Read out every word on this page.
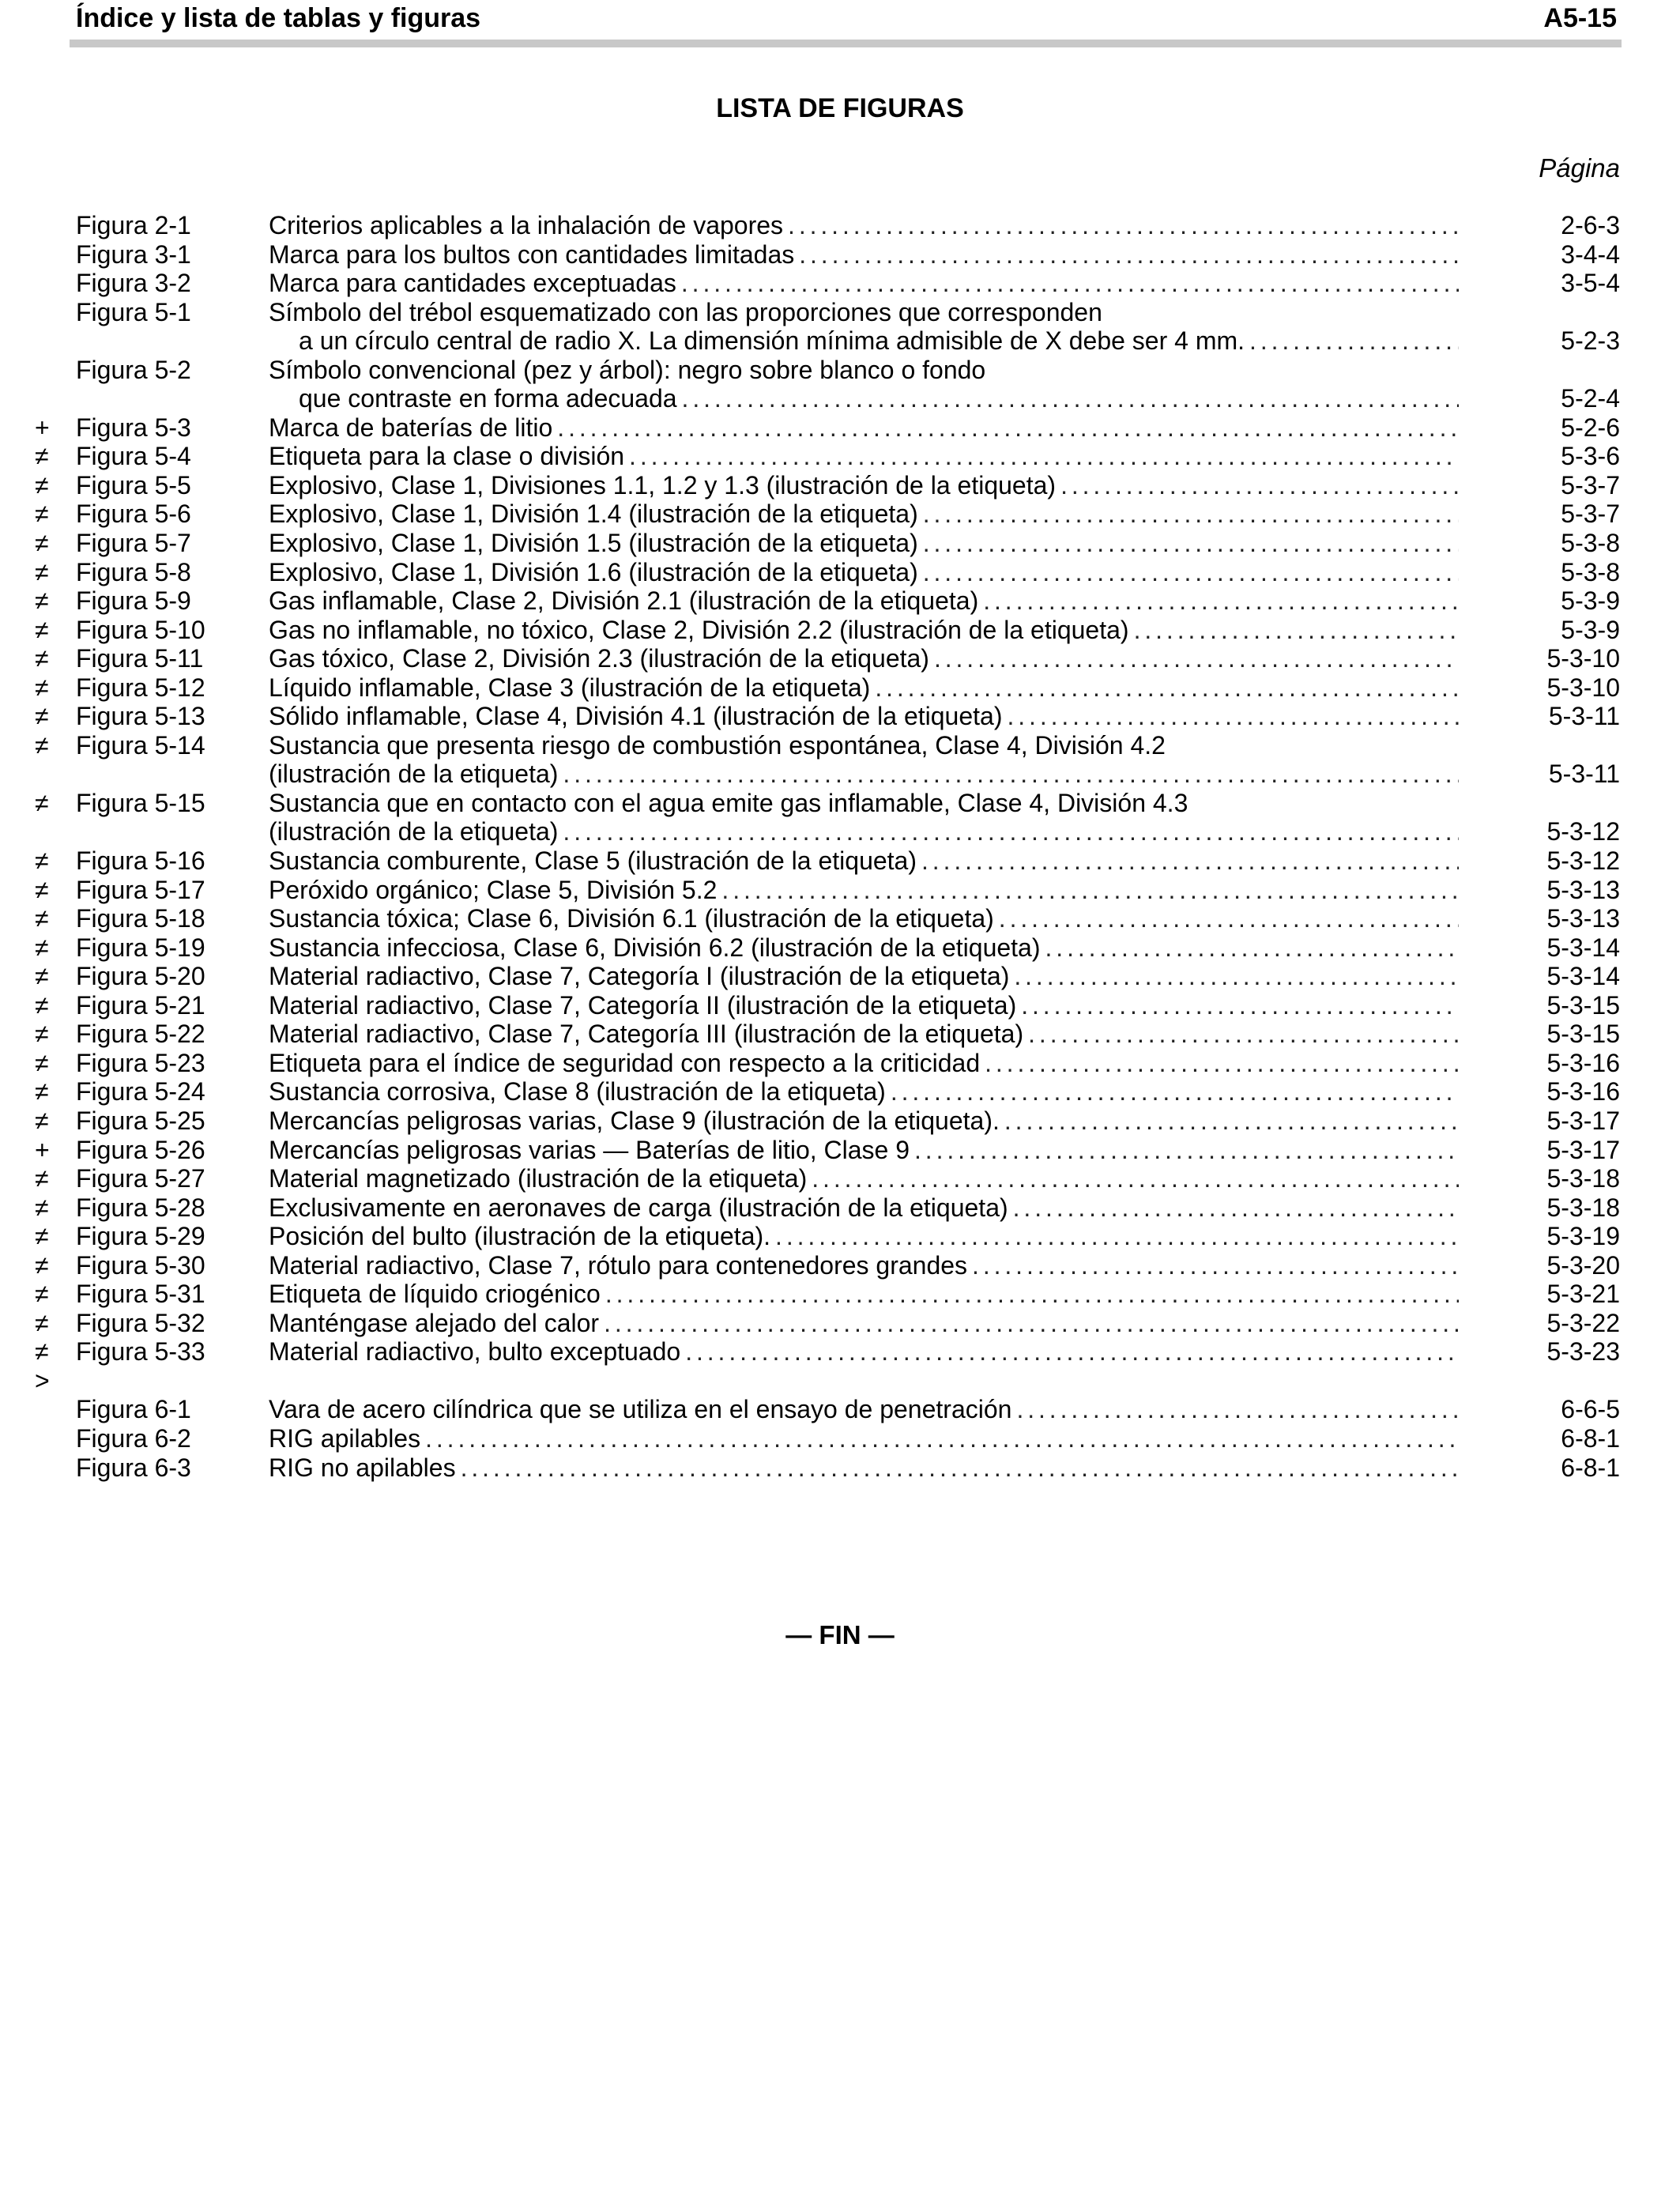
Índice y lista de tablas y figuras	A5-15
LISTA DE FIGURAS
Página
Figura 2-1	Criterios aplicables a la inhalación de vapores . . .	2-6-3
Figura 3-1	Marca para los bultos con cantidades limitadas . . .	3-4-4
Figura 3-2	Marca para cantidades exceptuadas . . .	3-5-4
Figura 5-1	Símbolo del trébol esquematizado con las proporciones que corresponden
a un círculo central de radio X. La dimensión mínima admisible de X debe ser 4 mm. . . .	5-2-3
Figura 5-2	Símbolo convencional (pez y árbol): negro sobre blanco o fondo
que contraste en forma adecuada . . .	5-2-4
+	Figura 5-3	Marca de baterías de litio . . .	5-2-6
≠	Figura 5-4	Etiqueta para la clase o división . . .	5-3-6
≠	Figura 5-5	Explosivo, Clase 1, Divisiones 1.1, 1.2 y 1.3 (ilustración de la etiqueta) . . .	5-3-7
≠	Figura 5-6	Explosivo, Clase 1, División 1.4 (ilustración de la etiqueta) . . .	5-3-7
≠	Figura 5-7	Explosivo, Clase 1, División 1.5 (ilustración de la etiqueta) . . .	5-3-8
≠	Figura 5-8	Explosivo, Clase 1, División 1.6 (ilustración de la etiqueta) . . .	5-3-8
≠	Figura 5-9	Gas inflamable, Clase 2, División 2.1 (ilustración de la etiqueta) . . .	5-3-9
≠	Figura 5-10	Gas no inflamable, no tóxico, Clase 2, División 2.2 (ilustración de la etiqueta) . . .	5-3-9
≠	Figura 5-11	Gas tóxico, Clase 2, División 2.3 (ilustración de la etiqueta) . . .	5-3-10
≠	Figura 5-12	Líquido inflamable, Clase 3 (ilustración de la etiqueta) . . .	5-3-10
≠	Figura 5-13	Sólido inflamable, Clase 4, División 4.1 (ilustración de la etiqueta) . . .	5-3-11
≠	Figura 5-14	Sustancia que presenta riesgo de combustión espontánea, Clase 4, División 4.2
(ilustración de la etiqueta) . . .	5-3-11
≠	Figura 5-15	Sustancia que en contacto con el agua emite gas inflamable, Clase 4, División 4.3
(ilustración de la etiqueta) . . .	5-3-12
≠	Figura 5-16	Sustancia comburente, Clase 5 (ilustración de la etiqueta) . . .	5-3-12
≠	Figura 5-17	Peróxido orgánico; Clase 5, División 5.2 . . .	5-3-13
≠	Figura 5-18	Sustancia tóxica; Clase 6, División 6.1 (ilustración de la etiqueta) . . .	5-3-13
≠	Figura 5-19	Sustancia infecciosa, Clase 6, División 6.2 (ilustración de la etiqueta) . . .	5-3-14
≠	Figura 5-20	Material radiactivo, Clase 7, Categoría I (ilustración de la etiqueta) . . .	5-3-14
≠	Figura 5-21	Material radiactivo, Clase 7, Categoría II (ilustración de la etiqueta) . . .	5-3-15
≠	Figura 5-22	Material radiactivo, Clase 7, Categoría III (ilustración de la etiqueta) . . .	5-3-15
≠	Figura 5-23	Etiqueta para el índice de seguridad con respecto a la criticidad . . .	5-3-16
≠	Figura 5-24	Sustancia corrosiva, Clase 8 (ilustración de la etiqueta) . . .	5-3-16
≠	Figura 5-25	Mercancías peligrosas varias, Clase 9 (ilustración de la etiqueta). . . .	5-3-17
+	Figura 5-26	Mercancías peligrosas varias — Baterías de litio, Clase 9 . . .	5-3-17
≠	Figura 5-27	Material magnetizado (ilustración de la etiqueta) . . .	5-3-18
≠	Figura 5-28	Exclusivamente en aeronaves de carga (ilustración de la etiqueta) . . .	5-3-18
≠	Figura 5-29	Posición del bulto (ilustración de la etiqueta). . . .	5-3-19
≠	Figura 5-30	Material radiactivo, Clase 7, rótulo para contenedores grandes . . .	5-3-20
≠	Figura 5-31	Etiqueta de líquido criogénico . . .	5-3-21
≠	Figura 5-32	Manténgase alejado del calor . . .	5-3-22
≠	Figura 5-33	Material radiactivo, bulto exceptuado . . .	5-3-23
>
Figura 6-1	Vara de acero cilíndrica que se utiliza en el ensayo de penetración . . .	6-6-5
Figura 6-2	RIG apilables . . .	6-8-1
Figura 6-3	RIG no apilables . . .	6-8-1
— FIN —
